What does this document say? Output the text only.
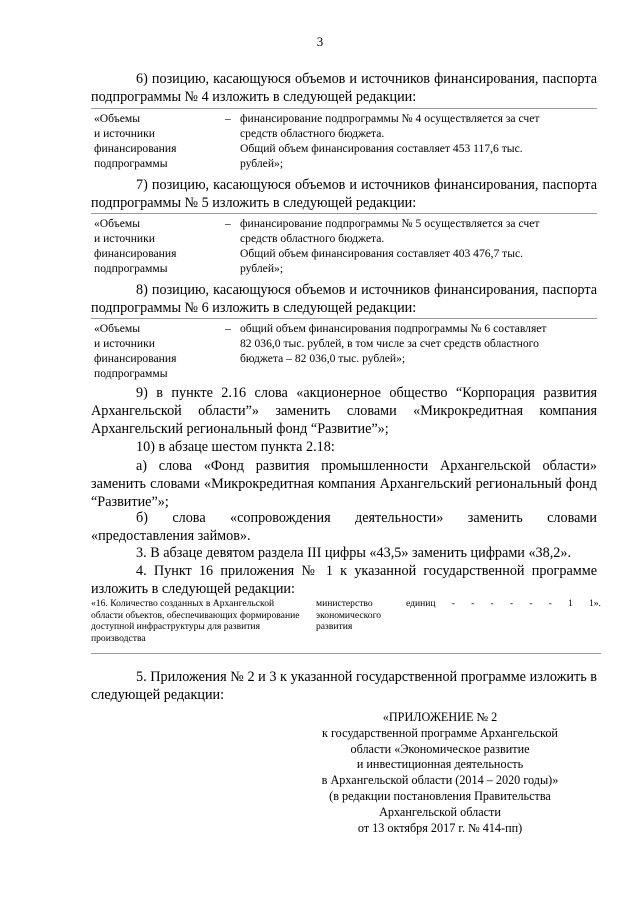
3
6) позицию, касающуюся объемов и источников финансирования, паспорта подпрограммы № 4 изложить в следующей редакции:
«Объемы
и источники
финансирования
подпрограммы
– финансирование подпрограммы № 4 осуществляется за счет
средств областного бюджета.
Общий объем финансирования составляет 453 117,6 тыс.
рублей»;
7) позицию, касающуюся объемов и источников финансирования, паспорта подпрограммы № 5 изложить в следующей редакции:
«Объемы
и источники
финансирования
подпрограммы
– финансирование подпрограммы № 5 осуществляется за счет
средств областного бюджета.
Общий объем финансирования составляет 403 476,7 тыс.
рублей»;
8) позицию, касающуюся объемов и источников финансирования, паспорта подпрограммы № 6 изложить в следующей редакции:
«Объемы
и источники
финансирования
подпрограммы
– общий объем финансирования подпрограммы № 6 составляет
82 036,0 тыс. рублей, в том числе за счет средств областного
бюджета – 82 036,0 тыс. рублей»;
9) в пункте 2.16 слова «акционерное общество “Корпорация развития Архангельской области”» заменить словами «Микрокредитная компания Архангельский региональный фонд “Развитие”»;
10) в абзаце шестом пункта 2.18:
а) слова «Фонд развития промышленности Архангельской области» заменить словами «Микрокредитная компания Архангельский региональный фонд “Развитие”»;
б) слова «сопровождения деятельности» заменить словами «предоставления займов».
3. В абзаце девятом раздела III цифры «43,5» заменить цифрами «38,2».
4. Пункт 16 приложения № 1 к указанной государственной программе изложить в следующей редакции:
«16. Количество созданных в Архангельской области объектов, обеспечивающих формирование доступной инфраструктуры для развития производства
министерство экономического развития
единиц - - - - - - 1 1».
5. Приложения № 2 и 3 к указанной государственной программе изложить в следующей редакции:
«ПРИЛОЖЕНИЕ № 2
к государственной программе Архангельской
области «Экономическое развитие
и инвестиционная деятельность
в Архангельской области (2014 – 2020 годы)»
(в редакции постановления Правительства
Архангельской области
от 13 октября 2017 г. № 414-пп)
